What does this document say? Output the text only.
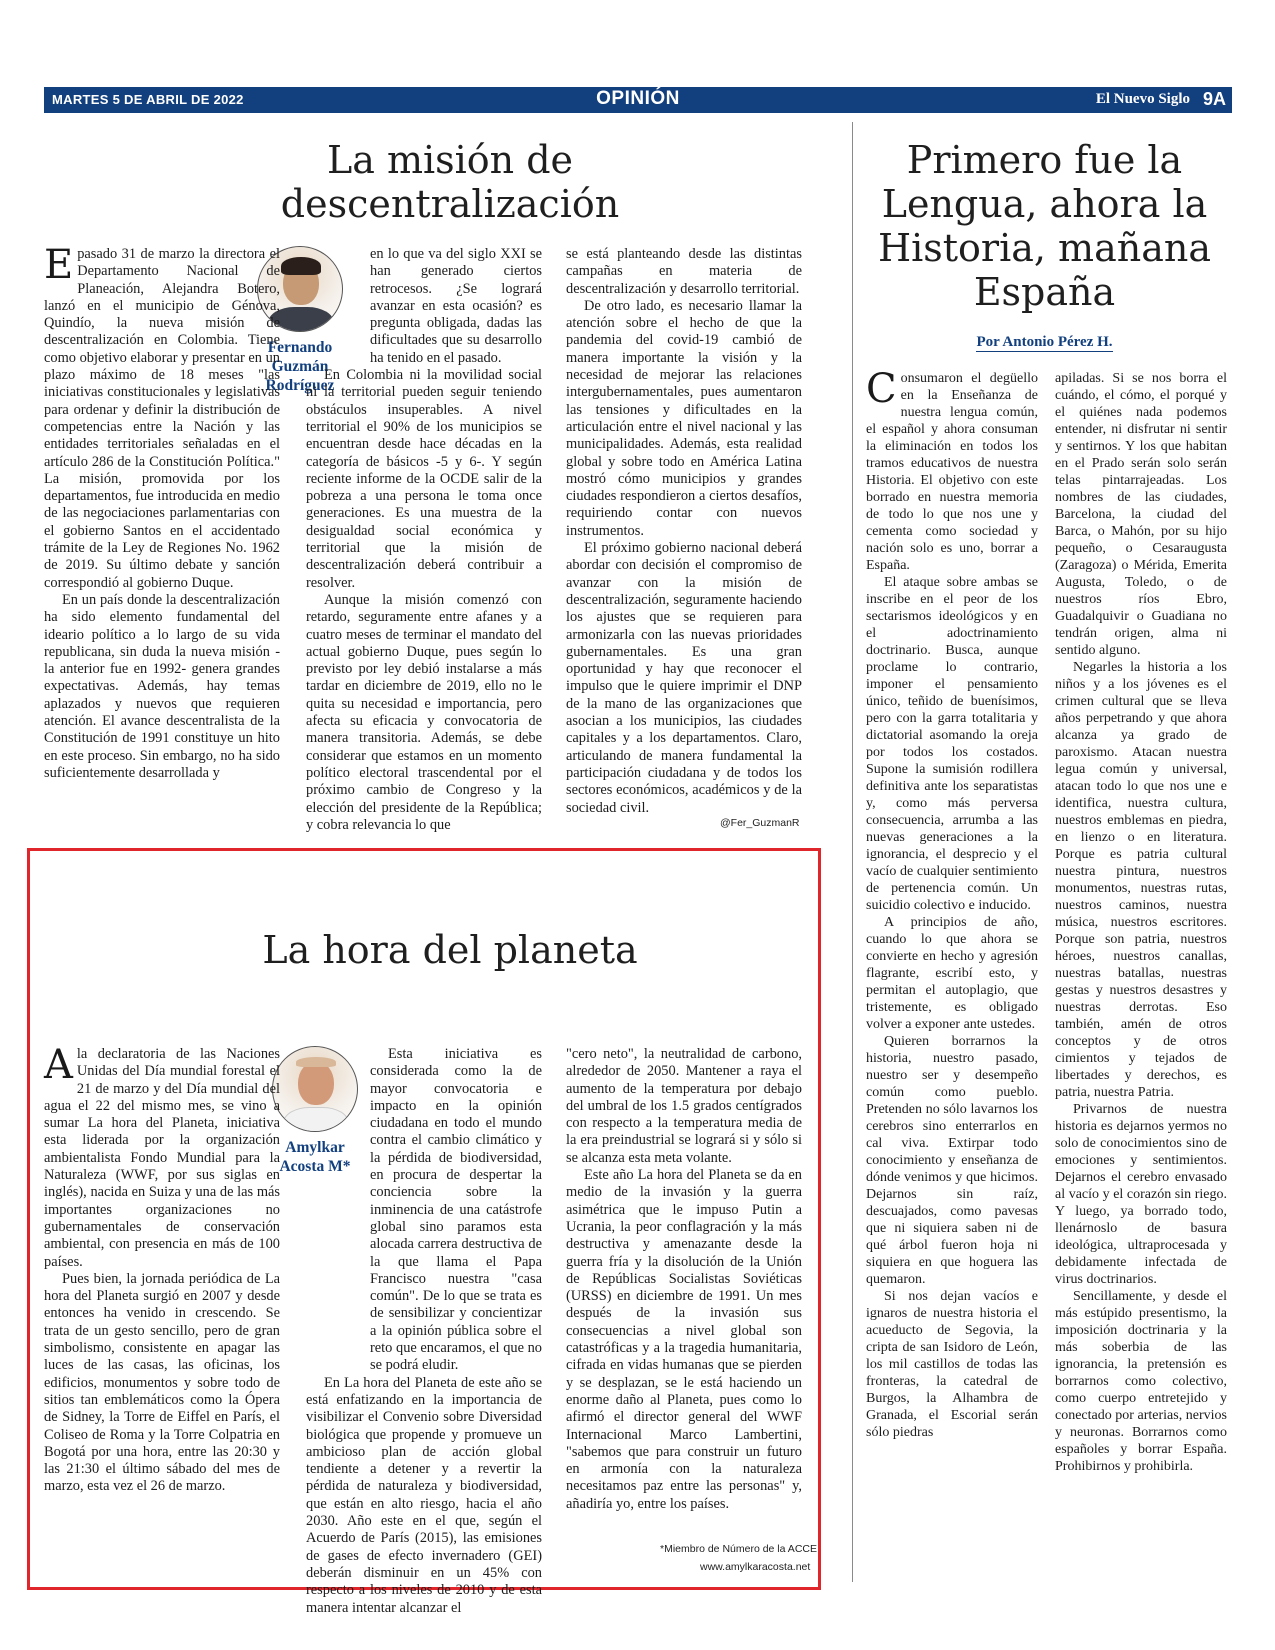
MARTES 5 DE ABRIL DE 2022	OPINIÓN	El Nuevo Siglo 9A
La misión de descentralización
Fernando Guzmán Rodríguez

Epasado 31 de marzo la directora el Departamento Nacional de Planeación, Alejandra Botero, lanzó en el municipio de Génova, Quindío, la nueva misión de descentralización en Colombia. Tiene como objetivo elaborar y presentar en un plazo máximo de 18 meses "las iniciativas constitucionales y legislativas para ordenar y definir la distribución de competencias entre la Nación y las entidades territoriales señaladas en el artículo 286 de la Constitución Política." La misión, promovida por los departamentos, fue introducida en medio de las negociaciones parlamentarias con el gobierno Santos en el accidentado trámite de la Ley de Regiones No. 1962 de 2019. Su último debate y sanción correspondió al gobierno Duque.

En un país donde la descentralización ha sido elemento fundamental del ideario político a lo largo de su vida republicana, sin duda la nueva misión -la anterior fue en 1992- genera grandes expectativas. Además, hay temas aplazados y nuevos que requieren atención. El avance descentralista de la Constitución de 1991 constituye un hito en este proceso. Sin embargo, no ha sido suficientemente desarrollada y

en lo que va del siglo XXI se han generado ciertos retrocesos. ¿Se logrará avanzar en esta ocasión? es pregunta obligada, dadas las dificultades que su desarrollo ha tenido en el pasado.

En Colombia ni la movilidad social ni la territorial pueden seguir teniendo obstáculos insuperables. A nivel territorial el 90% de los municipios se encuentran desde hace décadas en la categoría de básicos -5 y 6-. Y según reciente informe de la OCDE salir de la pobreza a una persona le toma once generaciones. Es una muestra de la desigualdad social económica y territorial que la misión de descentralización deberá contribuir a resolver.

Aunque la misión comenzó con retardo, seguramente entre afanes y a cuatro meses de terminar el mandato del actual gobierno Duque, pues según lo previsto por ley debió instalarse a más tardar en diciembre de 2019, ello no le quita su necesidad e importancia, pero afecta su eficacia y convocatoria de manera transitoria. Además, se debe considerar que estamos en un momento político electoral trascendental por el próximo cambio de Congreso y la elección del presidente de la República; y cobra relevancia lo que

se está planteando desde las distintas campañas en materia de descentralización y desarrollo territorial.

De otro lado, es necesario llamar la atención sobre el hecho de que la pandemia del covid-19 cambió de manera importante la visión y la necesidad de mejorar las relaciones intergubernamentales, pues aumentaron las tensiones y dificultades en la articulación entre el nivel nacional y las municipalidades. Además, esta realidad global y sobre todo en América Latina mostró cómo municipios y grandes ciudades respondieron a ciertos desafíos, requiriendo contar con nuevos instrumentos.

El próximo gobierno nacional deberá abordar con decisión el compromiso de avanzar con la misión de descentralización, seguramente haciendo los ajustes que se requieren para armonizarla con las nuevas prioridades gubernamentales. Es una gran oportunidad y hay que reconocer el impulso que le quiere imprimir el DNP de la mano de las organizaciones que asocian a los municipios, las ciudades capitales y a los departamentos. Claro, articulando de manera fundamental la participación ciudadana y de todos los sectores económicos, académicos y de la sociedad civil.

@Fer_GuzmanR
Primero fue la Lengua, ahora la Historia, mañana España
Por Antonio Pérez H.

Consumaron el degüello en la Enseñanza de nuestra lengua común, el español y ahora consuman la eliminación en todos los tramos educativos de nuestra Historia. El objetivo con este borrado en nuestra memoria de todo lo que nos une y cementa como sociedad y nación solo es uno, borrar a España.

El ataque sobre ambas se inscribe en el peor de los sectarismos ideológicos y en el adoctrinamiento doctrinario. Busca, aunque proclame lo contrario, imponer el pensamiento único, teñido de buenísimos, pero con la garra totalitaria y dictatorial asomando la oreja por todos los costados. Supone la sumisión rodillera definitiva ante los separatistas y, como más perversa consecuencia, arrumba a las nuevas generaciones a la ignorancia, el desprecio y el vacío de cualquier sentimiento de pertenencia común. Un suicidio colectivo e inducido.

A principios de año, cuando lo que ahora se convierte en hecho y agresión flagrante, escribí esto, y permitan el autoplagio, que tristemente, es obligado volver a exponer ante ustedes.

Quieren borrarnos la historia, nuestro pasado, nuestro ser y desempeño común como pueblo. Pretenden no sólo lavarnos los cerebros sino enterrarlos en cal viva. Extirpar todo conocimiento y enseñanza de dónde venimos y que hicimos. Dejarnos sin raíz, descuajados, como pavesas que ni siquiera saben ni de qué árbol fueron hoja ni siquiera en que hoguera las quemaron.

Si nos dejan vacíos e ignaros de nuestra historia el acueducto de Segovia, la cripta de san Isidoro de León, los mil castillos de todas las fronteras, la catedral de Burgos, la Alhambra de Granada, el Escorial serán sólo piedras

apiladas. Si se nos borra el cuándo, el cómo, el porqué y el quiénes nada podemos entender, ni disfrutar ni sentir y sentirnos. Y los que habitan en el Prado serán solo serán telas pintarrajeadas. Los nombres de las ciudades, Barcelona, la ciudad del Barca, o Mahón, por su hijo pequeño, o Cesaraugusta (Zaragoza) o Mérida, Emerita Augusta, Toledo, o de nuestros ríos Ebro, Guadalquivir o Guadiana no tendrán origen, alma ni sentido alguno.

Negarles la historia a los niños y a los jóvenes es el crimen cultural que se lleva años perpetrando y que ahora alcanza ya grado de paroxismo. Atacan nuestra legua común y universal, atacan todo lo que nos une e identifica, nuestra cultura, nuestros emblemas en piedra, en lienzo o en literatura. Porque es patria cultural nuestra pintura, nuestros monumentos, nuestras rutas, nuestros caminos, nuestra música, nuestros escritores. Porque son patria, nuestros héroes, nuestros canallas, nuestras batallas, nuestras gestas y nuestros desastres y nuestras derrotas. Eso también, amén de otros conceptos y de otros cimientos y tejados de libertades y derechos, es patria, nuestra Patria.

Privarnos de nuestra historia es dejarnos yermos no solo de conocimientos sino de emociones y sentimientos. Dejarnos el cerebro envasado al vacío y el corazón sin riego. Y luego, ya borrado todo, llenárnoslo de basura ideológica, ultraprocesada y debidamente infectada de virus doctrinarios.

Sencillamente, y desde el más estúpido presentismo, la imposición doctrinaria y la más soberbia de las ignorancia, la pretensión es borrarnos como colectivo, como cuerpo entretejido y conectado por arterias, nervios y neuronas. Borrarnos como españoles y borrar España. Prohibirnos y prohibirla.

La hora del planeta
Amylkar Acosta M*

Ala declaratoria de las Naciones Unidas del Día mundial forestal el 21 de marzo y del Día mundial del agua el 22 del mismo mes, se vino a sumar La hora del Planeta, iniciativa esta liderada por la organización ambientalista Fondo Mundial para la Naturaleza (WWF, por sus siglas en inglés), nacida en Suiza y una de las más importantes organizaciones no gubernamentales de conservación ambiental, con presencia en más de 100 países.

Pues bien, la jornada periódica de La hora del Planeta surgió en 2007 y desde entonces ha venido in crescendo. Se trata de un gesto sencillo, pero de gran simbolismo, consistente en apagar las luces de las casas, las oficinas, los edificios, monumentos y sobre todo de sitios tan emblemáticos como la Ópera de Sidney, la Torre de Eiffel en París, el Coliseo de Roma y la Torre Colpatria en Bogotá por una hora, entre las 20:30 y las 21:30 el último sábado del mes de marzo, esta vez el 26 de marzo.

Esta iniciativa es considerada como la de mayor convocatoria e impacto en la opinión ciudadana en todo el mundo contra el cambio climático y la pérdida de biodiversidad, en procura de despertar la conciencia sobre la inminencia de una catástrofe global sino paramos esta alocada carrera destructiva de la que llama el Papa Francisco nuestra "casa común". De lo que se trata es de sensibilizar y concientizar a la opinión pública sobre el reto que encaramos, el que no se podrá eludir.

En La hora del Planeta de este año se está enfatizando en la importancia de visibilizar el Convenio sobre Diversidad biológica que propende y promueve un ambicioso plan de acción global tendiente a detener y a revertir la pérdida de naturaleza y biodiversidad, que están en alto riesgo, hacia el año 2030. Año este en el que, según el Acuerdo de París (2015), las emisiones de gases de efecto invernadero (GEI) deberán disminuir en un 45% con respecto a los niveles de 2010 y de esta manera intentar alcanzar el

"cero neto", la neutralidad de carbono, alrededor de 2050. Mantener a raya el aumento de la temperatura por debajo del umbral de los 1.5 grados centígrados con respecto a la temperatura media de la era preindustrial se logrará si y sólo si se alcanza esta meta volante.

Este año La hora del Planeta se da en medio de la invasión y la guerra asimétrica que le impuso Putin a Ucrania, la peor conflagración y la más destructiva y amenazante desde la guerra fría y la disolución de la Unión de Repúblicas Socialistas Soviéticas (URSS) en diciembre de 1991. Un mes después de la invasión sus consecuencias a nivel global son catastróficas y a la tragedia humanitaria, cifrada en vidas humanas que se pierden y se desplazan, se le está haciendo un enorme daño al Planeta, pues como lo afirmó el director general del WWF Internacional Marco Lambertini, "sabemos que para construir un futuro en armonía con la naturaleza necesitamos paz entre las personas" y, añadiría yo, entre los países.

*Miembro de Número de la ACCE
www.amylkaracosta.net
